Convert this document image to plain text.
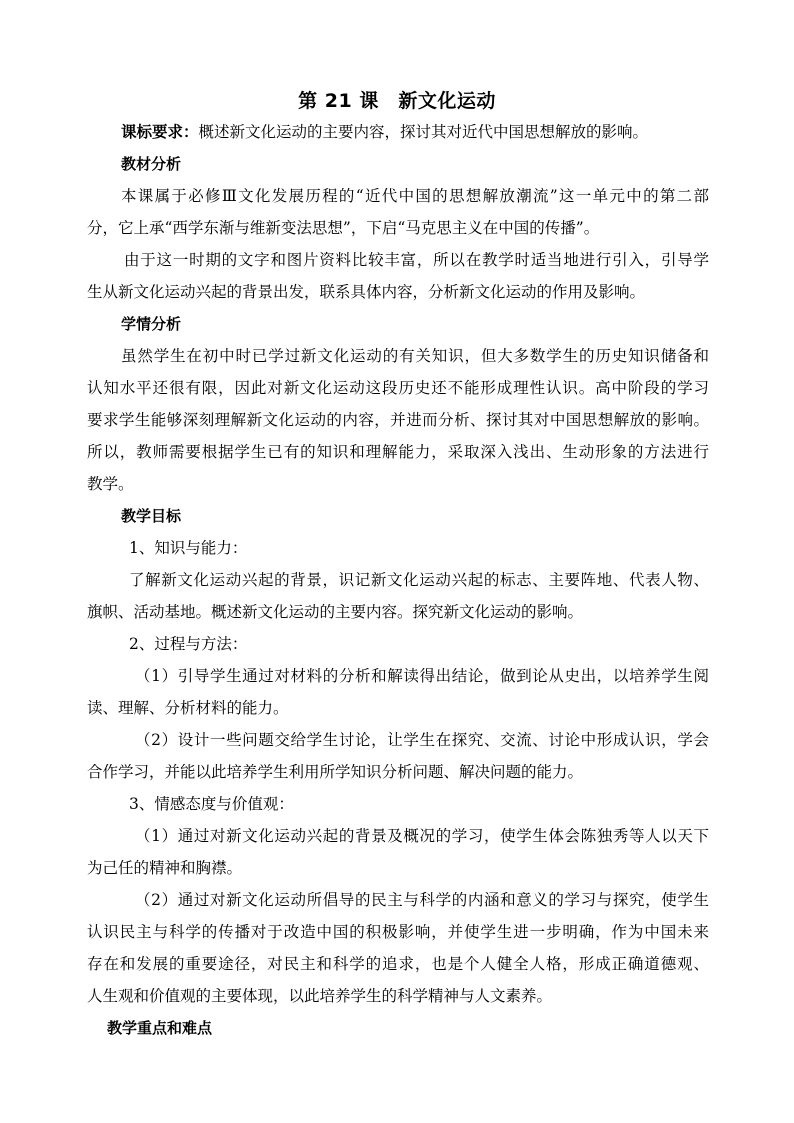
第 21 课　新文化运动
课标要求：概述新文化运动的主要内容，探讨其对近代中国思想解放的影响。
教材分析
本课属于必修Ⅲ文化发展历程的“近代中国的思想解放潮流”这一单元中的第二部
分，它上承“西学东渐与维新变法思想”，下启“马克思主义在中国的传播”。
由于这一时期的文字和图片资料比较丰富，所以在教学时适当地进行引入，引导学
生从新文化运动兴起的背景出发，联系具体内容，分析新文化运动的作用及影响。
学情分析
虽然学生在初中时已学过新文化运动的有关知识，但大多数学生的历史知识储备和
认知水平还很有限，因此对新文化运动这段历史还不能形成理性认识。高中阶段的学习
要求学生能够深刻理解新文化运动的内容，并进而分析、探讨其对中国思想解放的影响。
所以，教师需要根据学生已有的知识和理解能力，采取深入浅出、生动形象的方法进行
教学。
教学目标
1、知识与能力：
了解新文化运动兴起的背景，识记新文化运动兴起的标志、主要阵地、代表人物、
旗帜、活动基地。概述新文化运动的主要内容。探究新文化运动的影响。
2、过程与方法：
（1）引导学生通过对材料的分析和解读得出结论，做到论从史出，以培养学生阅
读、理解、分析材料的能力。
（2）设计一些问题交给学生讨论，让学生在探究、交流、讨论中形成认识，学会
合作学习，并能以此培养学生利用所学知识分析问题、解决问题的能力。
3、情感态度与价值观：
（1）通过对新文化运动兴起的背景及概况的学习，使学生体会陈独秀等人以天下
为己任的精神和胸襟。
（2）通过对新文化运动所倡导的民主与科学的内涵和意义的学习与探究，使学生
认识民主与科学的传播对于改造中国的积极影响，并使学生进一步明确，作为中国未来
存在和发展的重要途径，对民主和科学的追求，也是个人健全人格，形成正确道德观、
人生观和价值观的主要体现，以此培养学生的科学精神与人文素养。
教学重点和难点
